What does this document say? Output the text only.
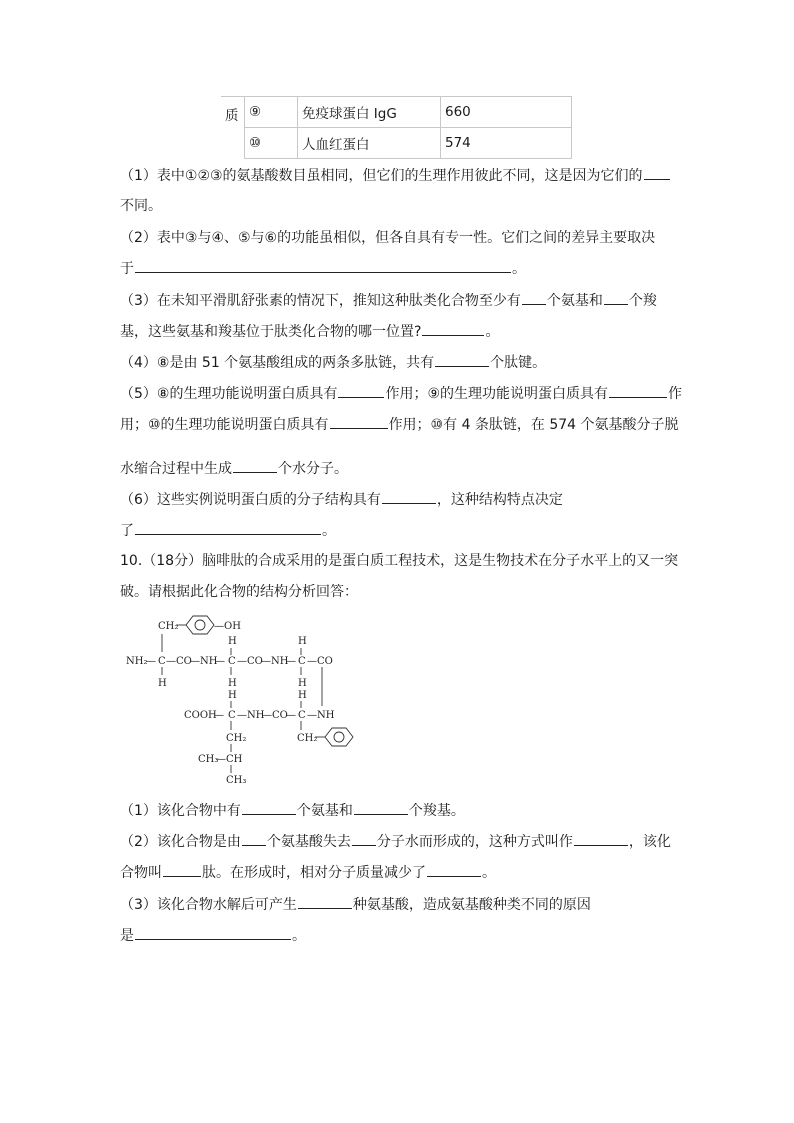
质	⑨	免疫球蛋白 IgG	660
	⑩	人血红蛋白	574
（1）表中①②③的氨基酸数目虽相同，但它们的生理作用彼此不同，这是因为它们的
不同。
（2）表中③与④、⑤与⑥的功能虽相似，但各自具有专一性。它们之间的差异主要取决
于	。
（3）在未知平滑肌舒张素的情况下，推知这种肽类化合物至少有 个氨基和 个羧
基，这些氨基和羧基位于肽类化合物的哪一位置?	。
（4）⑧是由 51 个氨基酸组成的两条多肽链，共有	个肽键。
（5）⑧的生理功能说明蛋白质具有	作用；⑨的生理功能说明蛋白质具有	作
用；⑩的生理功能说明蛋白质具有	作用；⑩有 4 条肽链，在 574 个氨基酸分子脱
水缩合过程中生成	个水分子。
（6）这些实例说明蛋白质的分子结构具有	，这种结构特点决定
了	。
10.（18分）脑啡肽的合成采用的是蛋白质工程技术，这是生物技术在分子水平上的又一突
破。请根据此化合物的结构分析回答：
CH₂	—OH
H	H
NH₂
— C — CO
— NH
— C — CO
— NH
— C — CO
H	H	H
H	H
COOH
— C — NH
— CO
— C — NH
CH₂
CH₂
CH₃
— CH
CH₃
（1）该化合物中有	个氨基和	个羧基。
（2）该化合物是由 个氨基酸失去 分子水而形成的，这种方式叫作	，该化
合物叫	肽。在形成时，相对分子质量减少了	。
（3）该化合物水解后可产生	种氨基酸，造成氨基酸种类不同的原因
是	。
